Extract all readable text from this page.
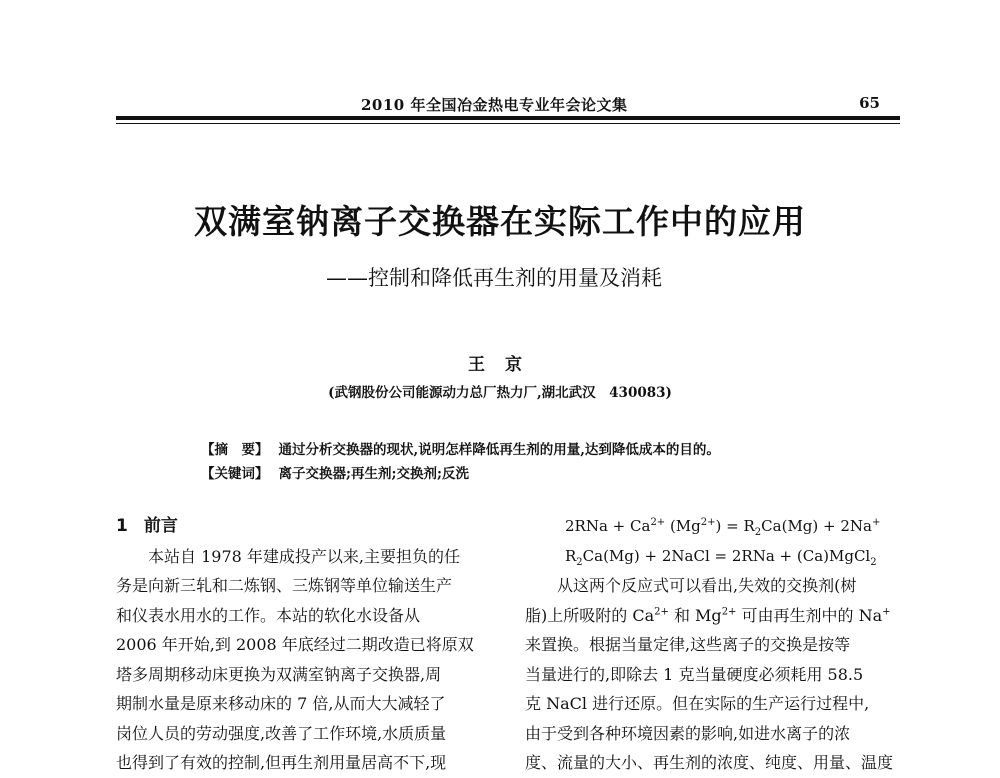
2010 年全国冶金热电专业年会论文集	65
双满室钠离子交换器在实际工作中的应用
——控制和降低再生剂的用量及消耗
王京
(武钢股份公司能源动力总厂热力厂,湖北武汉　430083)
【摘　要】 通过分析交换器的现状,说明怎样降低再生剂的用量,达到降低成本的目的。
【关键词】 离子交换器;再生剂;交换剂;反洗
1 前言
本站自 1978 年建成投产以来,主要担负的任
务是向新三轧和二炼钢、三炼钢等单位输送生产
和仪表水用水的工作。本站的软化水设备从
2006 年开始,到 2008 年底经过二期改造已将原双
塔多周期移动床更换为双满室钠离子交换器,周
期制水量是原来移动床的 7 倍,从而大大减轻了
岗位人员的劳动强度,改善了工作环境,水质质量
也得到了有效的控制,但再生剂用量居高不下,现
$2RNa + Ca^{2+}$ $(Mg^{2+}) = R_2Ca(Mg) + 2Na^+$
$R_2Ca(Mg)$ + 2NaCl = 2RNa + (Ca)MgCl$_2$
从这两个反应式可以看出,失效的交换剂(树
脂)上所吸附的 $Ca^{2+}$ 和 $Mg^{2+}$ 可由再生剂中的 Na+
来置换。根据当量定律,这些离子的交换是按等
当量进行的,即除去 1 克当量硬度必须耗用 58.5
克 NaCl 进行还原。但在实际的生产运行过程中,
由于受到各种环境因素的影响,如进水离子的浓
度、流量的大小、再生剂的浓度、纯度、用量、温度
